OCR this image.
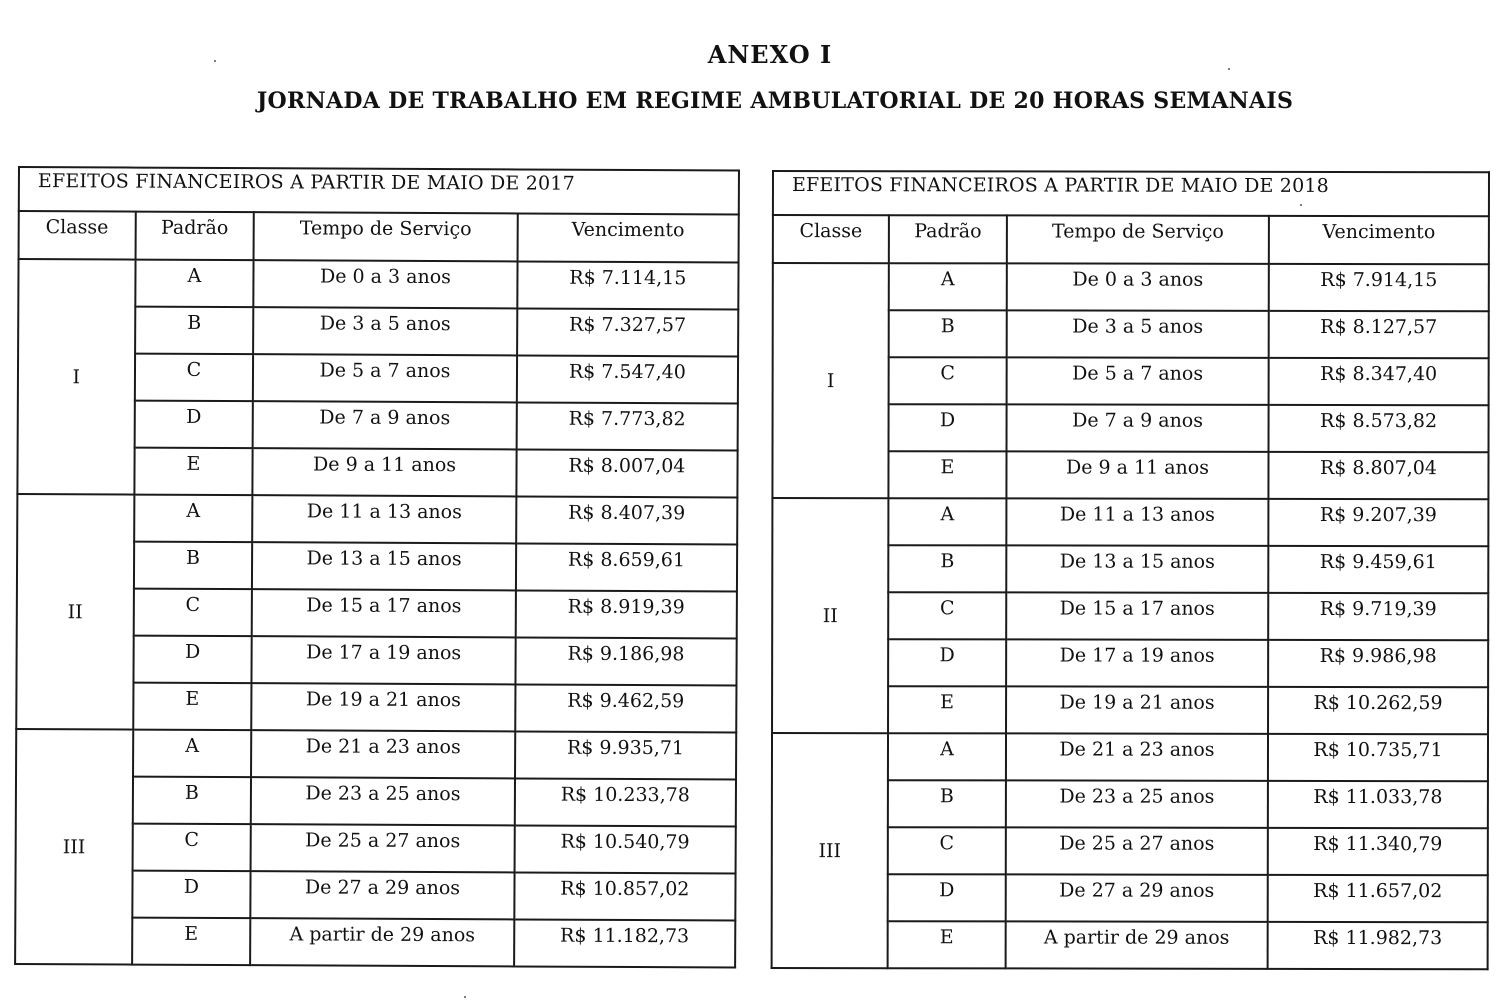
ANEXO I
JORNADA DE TRABALHO EM REGIME AMBULATORIAL DE 20 HORAS SEMANAIS
EFEITOS FINANCEIROS A PARTIR DE MAIO DE 2017			
Classe	Padrão	Tempo de Serviço	Vencimento
I	A	De 0 a 3 anos	R$ 7.114,15
	B	De 3 a 5 anos	R$ 7.327,57
	C	De 5 a 7 anos	R$ 7.547,40
	D	De 7 a 9 anos	R$ 7.773,82
	E	De 9 a 11 anos	R$ 8.007,04
II	A	De 11 a 13 anos	R$ 8.407,39
	B	De 13 a 15 anos	R$ 8.659,61
	C	De 15 a 17 anos	R$ 8.919,39
	D	De 17 a 19 anos	R$ 9.186,98
	E	De 19 a 21 anos	R$ 9.462,59
III	A	De 21 a 23 anos	R$ 9.935,71
	B	De 23 a 25 anos	R$ 10.233,78
	C	De 25 a 27 anos	R$ 10.540,79
	D	De 27 a 29 anos	R$ 10.857,02
	E	A partir de 29 anos	R$ 11.182,73
EFEITOS FINANCEIROS A PARTIR DE MAIO DE 2018			
Classe	Padrão	Tempo de Serviço	Vencimento
I	A	De 0 a 3 anos	R$ 7.914,15
	B	De 3 a 5 anos	R$ 8.127,57
	C	De 5 a 7 anos	R$ 8.347,40
	D	De 7 a 9 anos	R$ 8.573,82
	E	De 9 a 11 anos	R$ 8.807,04
II	A	De 11 a 13 anos	R$ 9.207,39
	B	De 13 a 15 anos	R$ 9.459,61
	C	De 15 a 17 anos	R$ 9.719,39
	D	De 17 a 19 anos	R$ 9.986,98
	E	De 19 a 21 anos	R$ 10.262,59
III	A	De 21 a 23 anos	R$ 10.735,71
	B	De 23 a 25 anos	R$ 11.033,78
	C	De 25 a 27 anos	R$ 11.340,79
	D	De 27 a 29 anos	R$ 11.657,02
	E	A partir de 29 anos	R$ 11.982,73
